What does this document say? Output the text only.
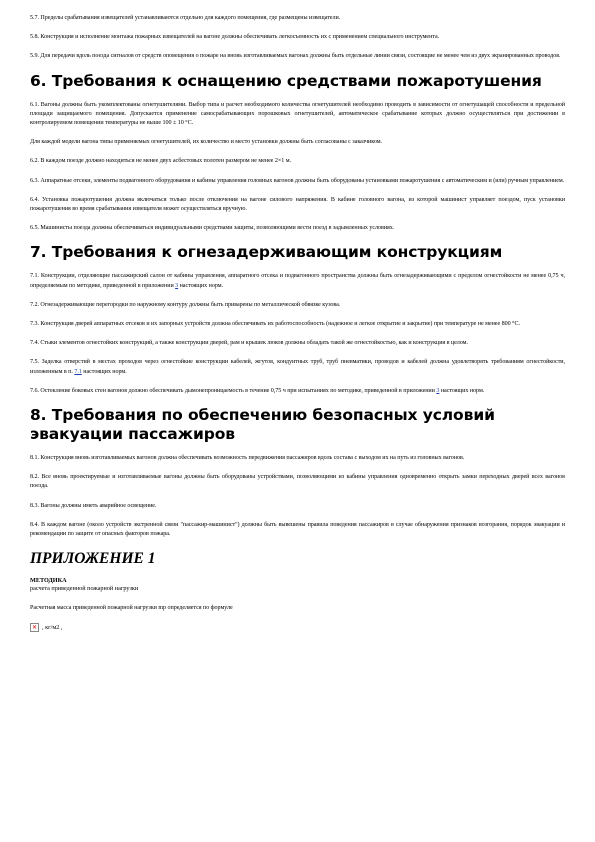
5.7. Пределы срабатывания извещателей устанавливаются отдельно для каждого помещения, где размещены извещатели.

5.8. Конструкция и исполнение монтажа пожарных извещателей на вагоне должны обеспечивать легкосъемность их с применением специального инструмента.

5.9. Для передачи вдоль поезда сигналов от средств оповещения о пожаре на вновь изготавливаемых вагонах должны быть отдельные линии связи, состоящие не менее чем из двух экранированных проводов.

6. Требования к оснащению средствами пожаротушения

6.1. Вагоны должны быть укомплектованы огнетушителями. Выбор типа и расчет необходимого количества огнетушителей необходимо проводить в зависимости от огнетушащей способности и предельной площади защищаемого помещения. Допускается применение самосрабатывающих порошковых огнетушителей, автоматическое срабатывание которых должно осуществляться при достижении в контролируемом помещении температуры не выше 100 ± 10 °С.

Для каждой модели вагона типы применяемых огнетушителей, их количество и место установки должны быть согласованы с заказчиком.

6.2. В каждом поезде должно находиться не менее двух асбестовых полотен размером не менее 2×1 м.

6.3. Аппаратные отсеки, элементы подвагонного оборудования и кабины управления головных вагонов должны быть оборудованы установками пожаротушения с автоматическим и (или) ручным управлением.

6.4. Установка пожаротушения должна включаться только после отключения на вагоне силового напряжения. В кабине головного вагона, из которой машинист управляет поездом, пуск установки пожаротушения во время срабатывания извещателя может осуществляться вручную.

6.5. Машинисты поезда должны обеспечиваться индивидуальными средствами защиты, позволяющими вести поезд в задымленных условиях.

7. Требования к огнезадерживающим конструкциям

7.1. Конструкции, отделяющие пассажирский салон от кабины управления, аппаратного отсека и подвагонного пространства должны быть огнезадерживающими с пределом огнестойкости не менее 0,75 ч, определяемым по методике, приведенной в приложении 3 настоящих норм.

7.2. Огнезадерживающие перегородки по наружному контуру должны быть приварены по металлической обвязке кузова.

7.3. Конструкция дверей аппаратных отсеков и их запорных устройств должна обеспечивать их работоспособность (надежное и легкое открытие и закрытие) при температуре не менее 800 °С.

7.4. Стыки элементов огнестойких конструкций, а также конструкции дверей, рам и крышек люков должны обладать такой же огнестойкостью, как и конструкция в целом.

7.5. Заделка отверстий в местах проходов через огнестойкие конструкции кабелей, жгутов, кондуитных труб, труб пневматики, проводов и кабелей должна удовлетворять требованиям огнестойкости, изложенным в п. 7.1 настоящих норм.

7.6. Остекление боковых стен вагонов должно обеспечивать дымонепроницаемость в течение 0,75 ч при испытаниях по методике, приведенной в приложении 3 настоящих норм.

8. Требования по обеспечению безопасных условий эвакуации пассажиров

8.1. Конструкция вновь изготавливаемых вагонов должна обеспечивать возможность передвижения пассажиров вдоль состава с выходом их на путь из головных вагонов.

8.2. Все вновь проектируемые и изготавливаемые вагоны должны быть оборудованы устройствами, позволяющими из кабины управления одновременно открыть замки переходных дверей всех вагонов поезда.

8.3. Вагоны должны иметь аварийное освещение.

8.4. В каждом вагоне (около устройств экстренной связи "пассажир-машинист") должны быть вывешены правила поведения пассажиров в случае обнаружения признаков возгорания, порядок эвакуации и рекомендации по защите от опасных факторов пожара.

ПРИЛОЖЕНИЕ 1

МЕТОДИКА

расчета приведенной пожарной нагрузки

Расчетная масса приведенной пожарной нагрузки mp определяется по формуле

✕ , кг/м2 ,
